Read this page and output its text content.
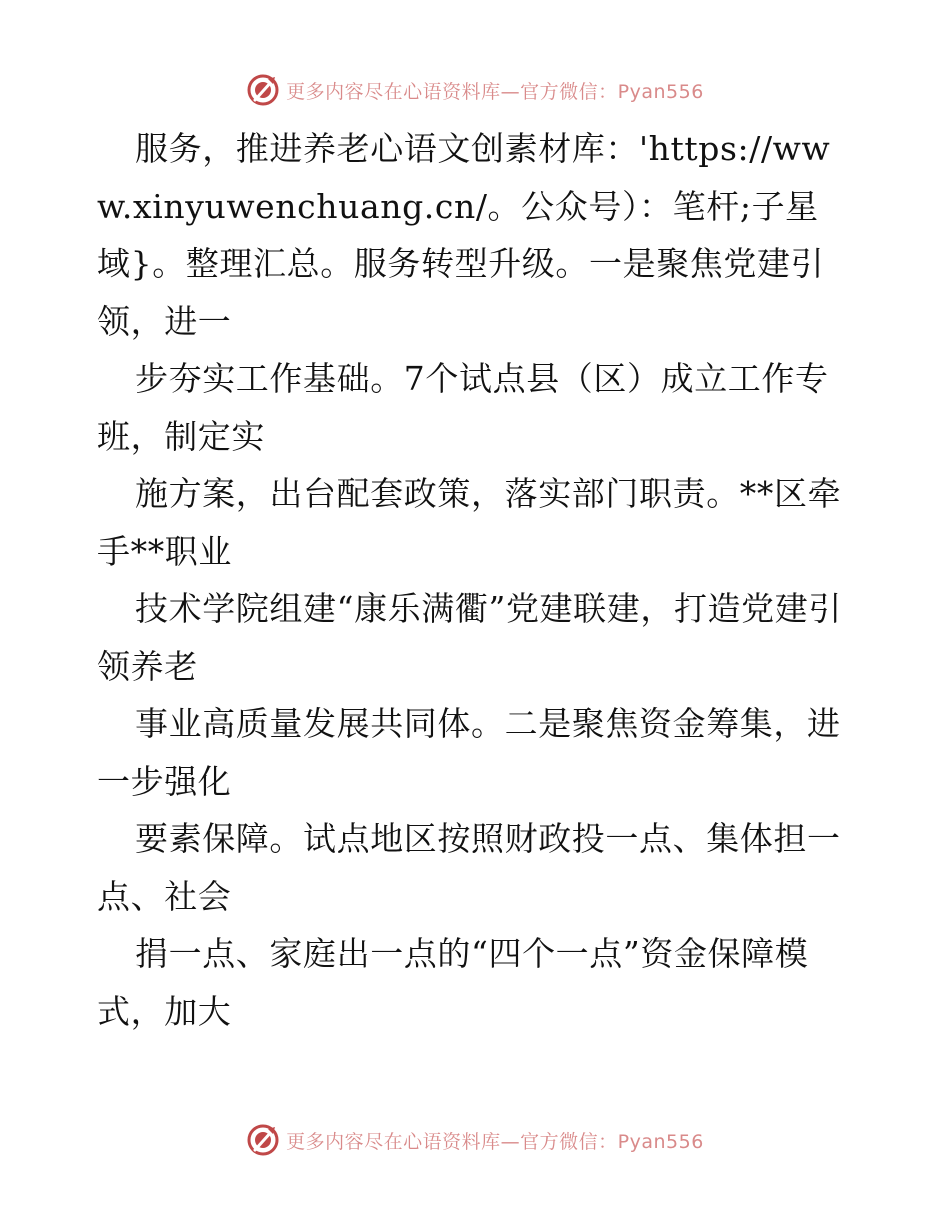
更多内容尽在心语资料库—官方微信：Pyan556

服务，推进养老心语文创素材库：'https://www.xinyuwenchuang.cn/。公众号）：笔杆;子星域}。整理汇总。服务转型升级。一是聚焦党建引领，进一

步夯实工作基础。7个试点县（区）成立工作专班，制定实

施方案，出台配套政策，落实部门职责。**区牵手**职业

技术学院组建“康乐满衢”党建联建，打造党建引领养老

事业高质量发展共同体。二是聚焦资金筹集，进一步强化

要素保障。试点地区按照财政投一点、集体担一点、社会

捐一点、家庭出一点的“四个一点”资金保障模式，加大

更多内容尽在心语资料库—官方微信：Pyan556
